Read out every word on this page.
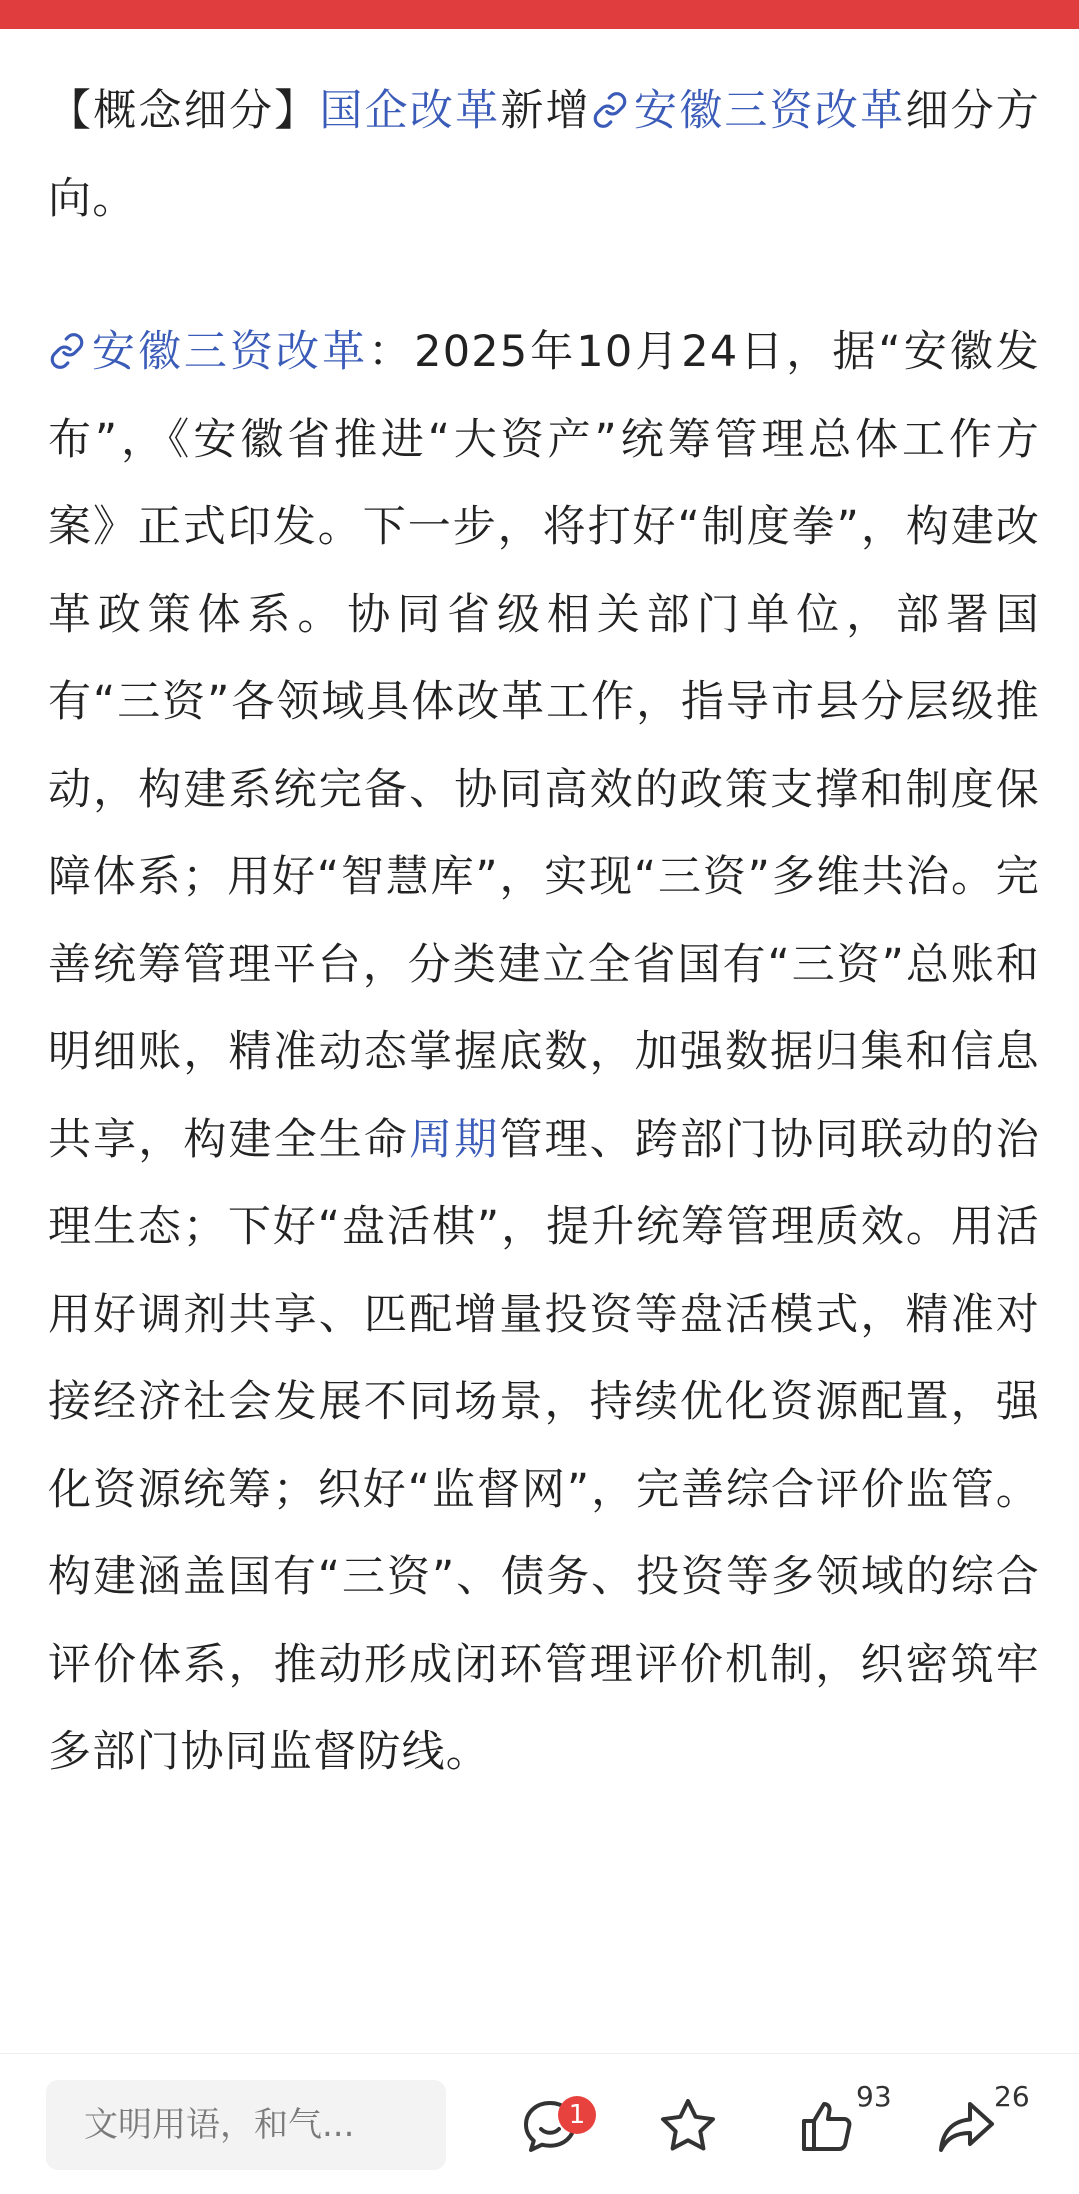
【概念细分】国企改革新增 安徽三资改革细分方向。

安徽三资改革：2025年10月24日，据“安徽发布”，《安徽省推进“大资产”统筹管理总体工作方案》正式印发。下一步，将打好“制度拳”，构建改革政策体系。协同省级相关部门单位，部署国有“三资”各领域具体改革工作，指导市县分层级推动，构建系统完备、协同高效的政策支撑和制度保障体系；用好“智慧库”，实现“三资”多维共治。完善统筹管理平台，分类建立全省国有“三资”总账和明细账，精准动态掌握底数，加强数据归集和信息共享，构建全生命周期管理、跨部门协同联动的治理生态；下好“盘活棋”，提升统筹管理质效。用活用好调剂共享、匹配增量投资等盘活模式，精准对接经济社会发展不同场景，持续优化资源配置，强化资源统筹；织好“监督网”，完善综合评价监管。构建涵盖国有“三资”、债务、投资等多领域的综合评价体系，推动形成闭环管理评价机制，织密筑牢多部门协同监督防线。

文明用语，和气...	1
93	26
